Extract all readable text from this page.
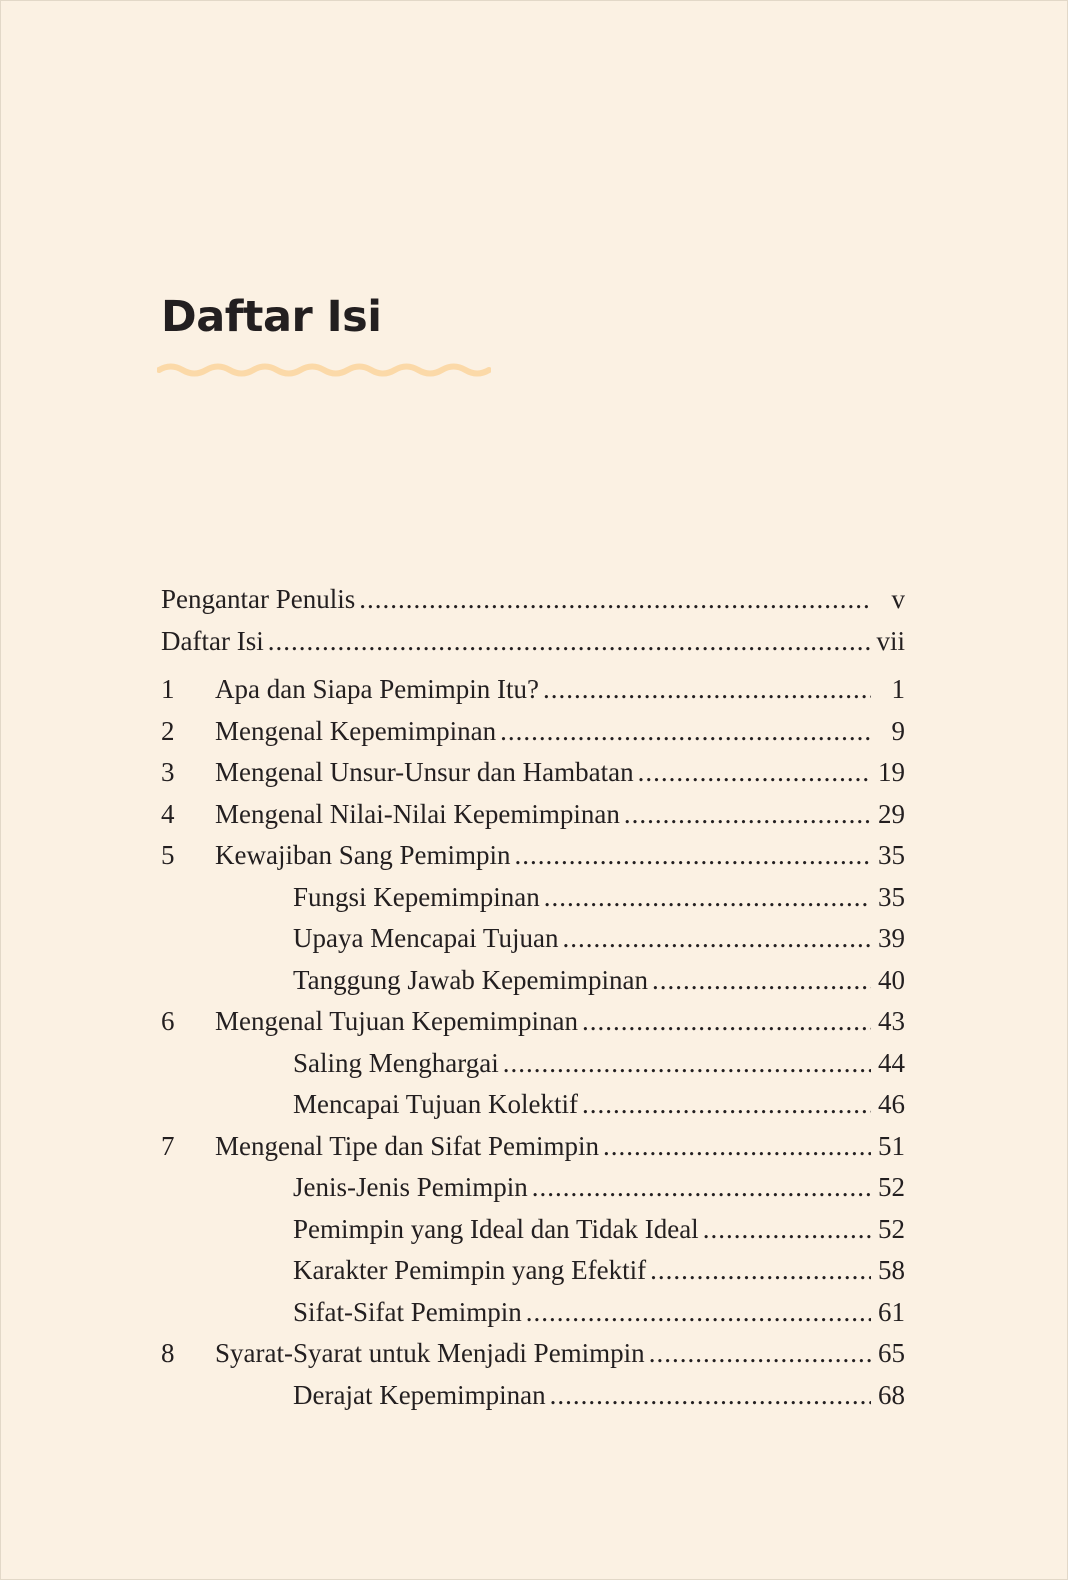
Daftar Isi
Pengantar Penulis .....	v
Daftar Isi .....	vii
1	Apa dan Siapa Pemimpin Itu? .....	1
2	Mengenal Kepemimpinan .....	9
3	Mengenal Unsur-Unsur dan Hambatan .....	19
4	Mengenal Nilai-Nilai Kepemimpinan .....	29
5	Kewajiban Sang Pemimpin .....	35
Fungsi Kepemimpinan .....	35
Upaya Mencapai Tujuan .....	39
Tanggung Jawab Kepemimpinan .....	40
6	Mengenal Tujuan Kepemimpinan .....	43
Saling Menghargai .....	44
Mencapai Tujuan Kolektif .....	46
7	Mengenal Tipe dan Sifat Pemimpin .....	51
Jenis-Jenis Pemimpin .....	52
Pemimpin yang Ideal dan Tidak Ideal .....	52
Karakter Pemimpin yang Efektif .....	58
Sifat-Sifat Pemimpin .....	61
8	Syarat-Syarat untuk Menjadi Pemimpin .....	65
Derajat Kepemimpinan .....	68
